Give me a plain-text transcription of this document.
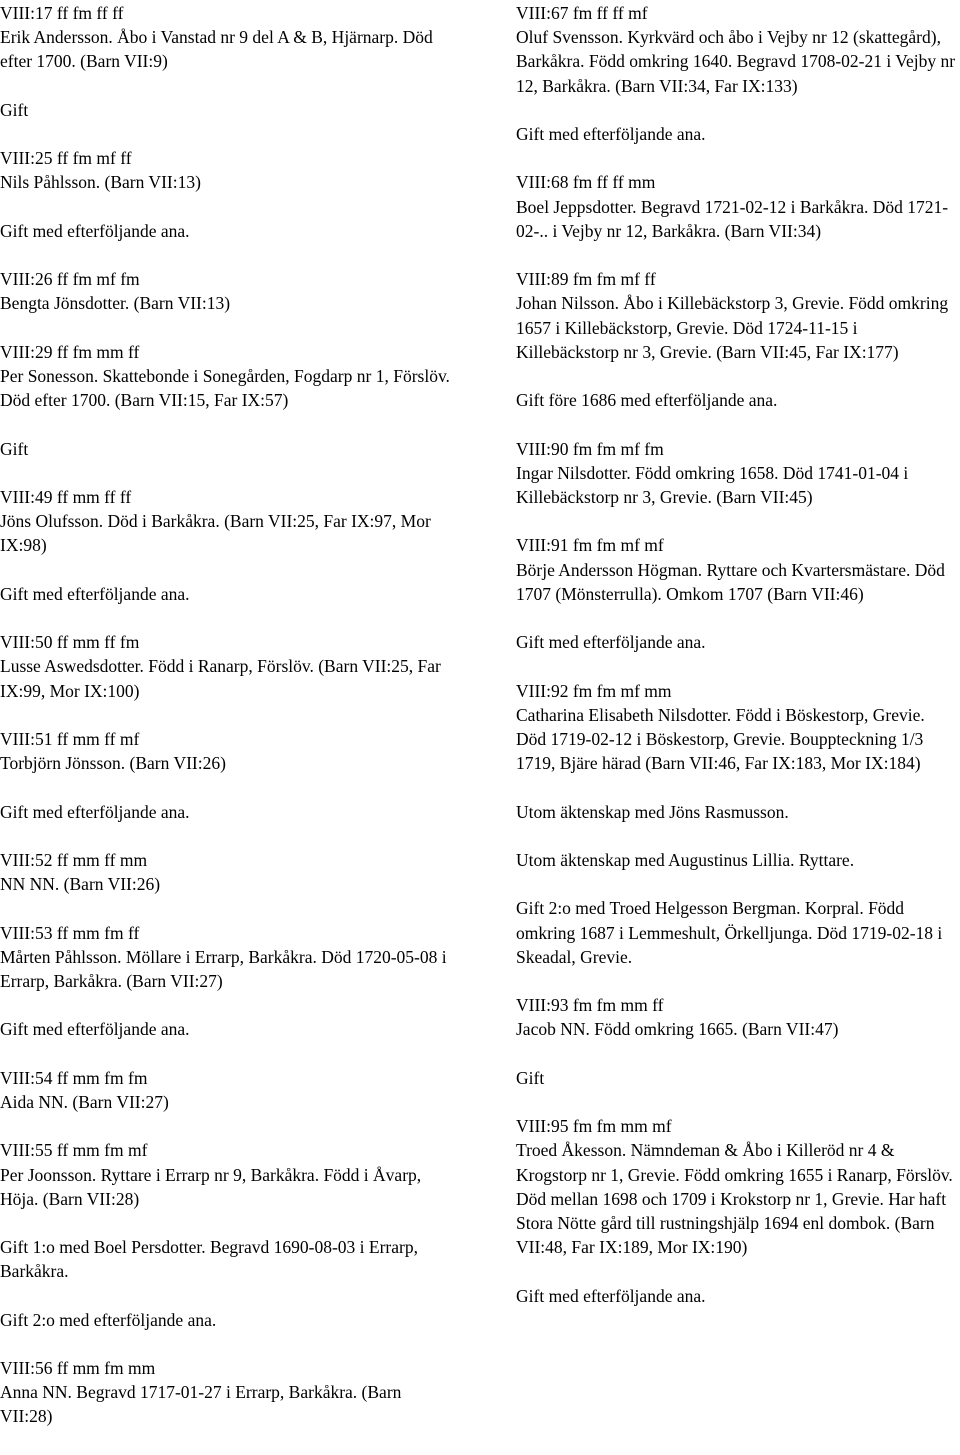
VIII:17 ff fm ff ff
Erik Andersson. Åbo i Vanstad nr 9 del A & B, Hjärnarp. Död efter 1700. (Barn VII:9)
Gift
VIII:25 ff fm mf ff
Nils Påhlsson. (Barn VII:13)
Gift med efterföljande ana.
VIII:26 ff fm mf fm
Bengta Jönsdotter. (Barn VII:13)
VIII:29 ff fm mm ff
Per Sonesson. Skattebonde i Sonegården, Fogdarp nr 1, Förslöv. Död efter 1700. (Barn VII:15, Far IX:57)
Gift
VIII:49 ff mm ff ff
Jöns Olufsson. Död i Barkåkra. (Barn VII:25, Far IX:97, Mor IX:98)
Gift med efterföljande ana.
VIII:50 ff mm ff fm
Lusse Aswedsdotter. Född i Ranarp, Förslöv. (Barn VII:25, Far IX:99, Mor IX:100)
VIII:51 ff mm ff mf
Torbjörn Jönsson. (Barn VII:26)
Gift med efterföljande ana.
VIII:52 ff mm ff mm
NN NN. (Barn VII:26)
VIII:53 ff mm fm ff
Mårten Påhlsson. Möllare i Errarp, Barkåkra. Död 1720-05-08 i Errarp, Barkåkra. (Barn VII:27)
Gift med efterföljande ana.
VIII:54 ff mm fm fm
Aida NN. (Barn VII:27)
VIII:55 ff mm fm mf
Per Joonsson. Ryttare i Errarp nr 9, Barkåkra. Född i Åvarp, Höja. (Barn VII:28)
Gift 1:o med Boel Persdotter. Begravd 1690-08-03 i Errarp, Barkåkra.
Gift 2:o med efterföljande ana.
VIII:56 ff mm fm mm
Anna NN. Begravd 1717-01-27 i Errarp, Barkåkra. (Barn VII:28)
VIII:67 fm ff ff mf
Oluf Svensson. Kyrkvärd och åbo i Vejby nr 12 (skattegård), Barkåkra. Född omkring 1640. Begravd 1708-02-21 i Vejby nr 12, Barkåkra. (Barn VII:34, Far IX:133)
Gift med efterföljande ana.
VIII:68 fm ff ff mm
Boel Jeppsdotter. Begravd 1721-02-12 i Barkåkra. Död 1721-02-.. i Vejby nr 12, Barkåkra. (Barn VII:34)
VIII:89 fm fm mf ff
Johan Nilsson. Åbo i Killebäckstorp 3, Grevie. Född omkring 1657 i Killebäckstorp, Grevie. Död 1724-11-15 i Killebäckstorp nr 3, Grevie. (Barn VII:45, Far IX:177)
Gift före 1686 med efterföljande ana.
VIII:90 fm fm mf fm
Ingar Nilsdotter. Född omkring 1658. Död 1741-01-04 i Killebäckstorp nr 3, Grevie. (Barn VII:45)
VIII:91 fm fm mf mf
Börje Andersson Högman. Ryttare och Kvartersmästare. Död 1707 (Mönsterrulla). Omkom 1707 (Barn VII:46)
Gift med efterföljande ana.
VIII:92 fm fm mf mm
Catharina Elisabeth Nilsdotter. Född i Böskestorp, Grevie. Död 1719-02-12 i Böskestorp, Grevie. Bouppteckning 1/3 1719, Bjäre härad (Barn VII:46, Far IX:183, Mor IX:184)
Utom äktenskap med Jöns Rasmusson.
Utom äktenskap med Augustinus Lillia. Ryttare.
Gift 2:o med Troed Helgesson Bergman. Korpral. Född omkring 1687 i Lemmeshult, Örkelljunga. Död 1719-02-18 i Skeadal, Grevie.
VIII:93 fm fm mm ff
Jacob NN. Född omkring 1665. (Barn VII:47)
Gift
VIII:95 fm fm mm mf
Troed Åkesson. Nämndeman & Åbo i Killeröd nr 4 & Krogstorp nr 1, Grevie. Född omkring 1655 i Ranarp, Förslöv. Död mellan 1698 och 1709 i Krokstorp nr 1, Grevie. Har haft Stora Nötte gård till rustningshjälp 1694 enl dombok. (Barn VII:48, Far IX:189, Mor IX:190)
Gift med efterföljande ana.
